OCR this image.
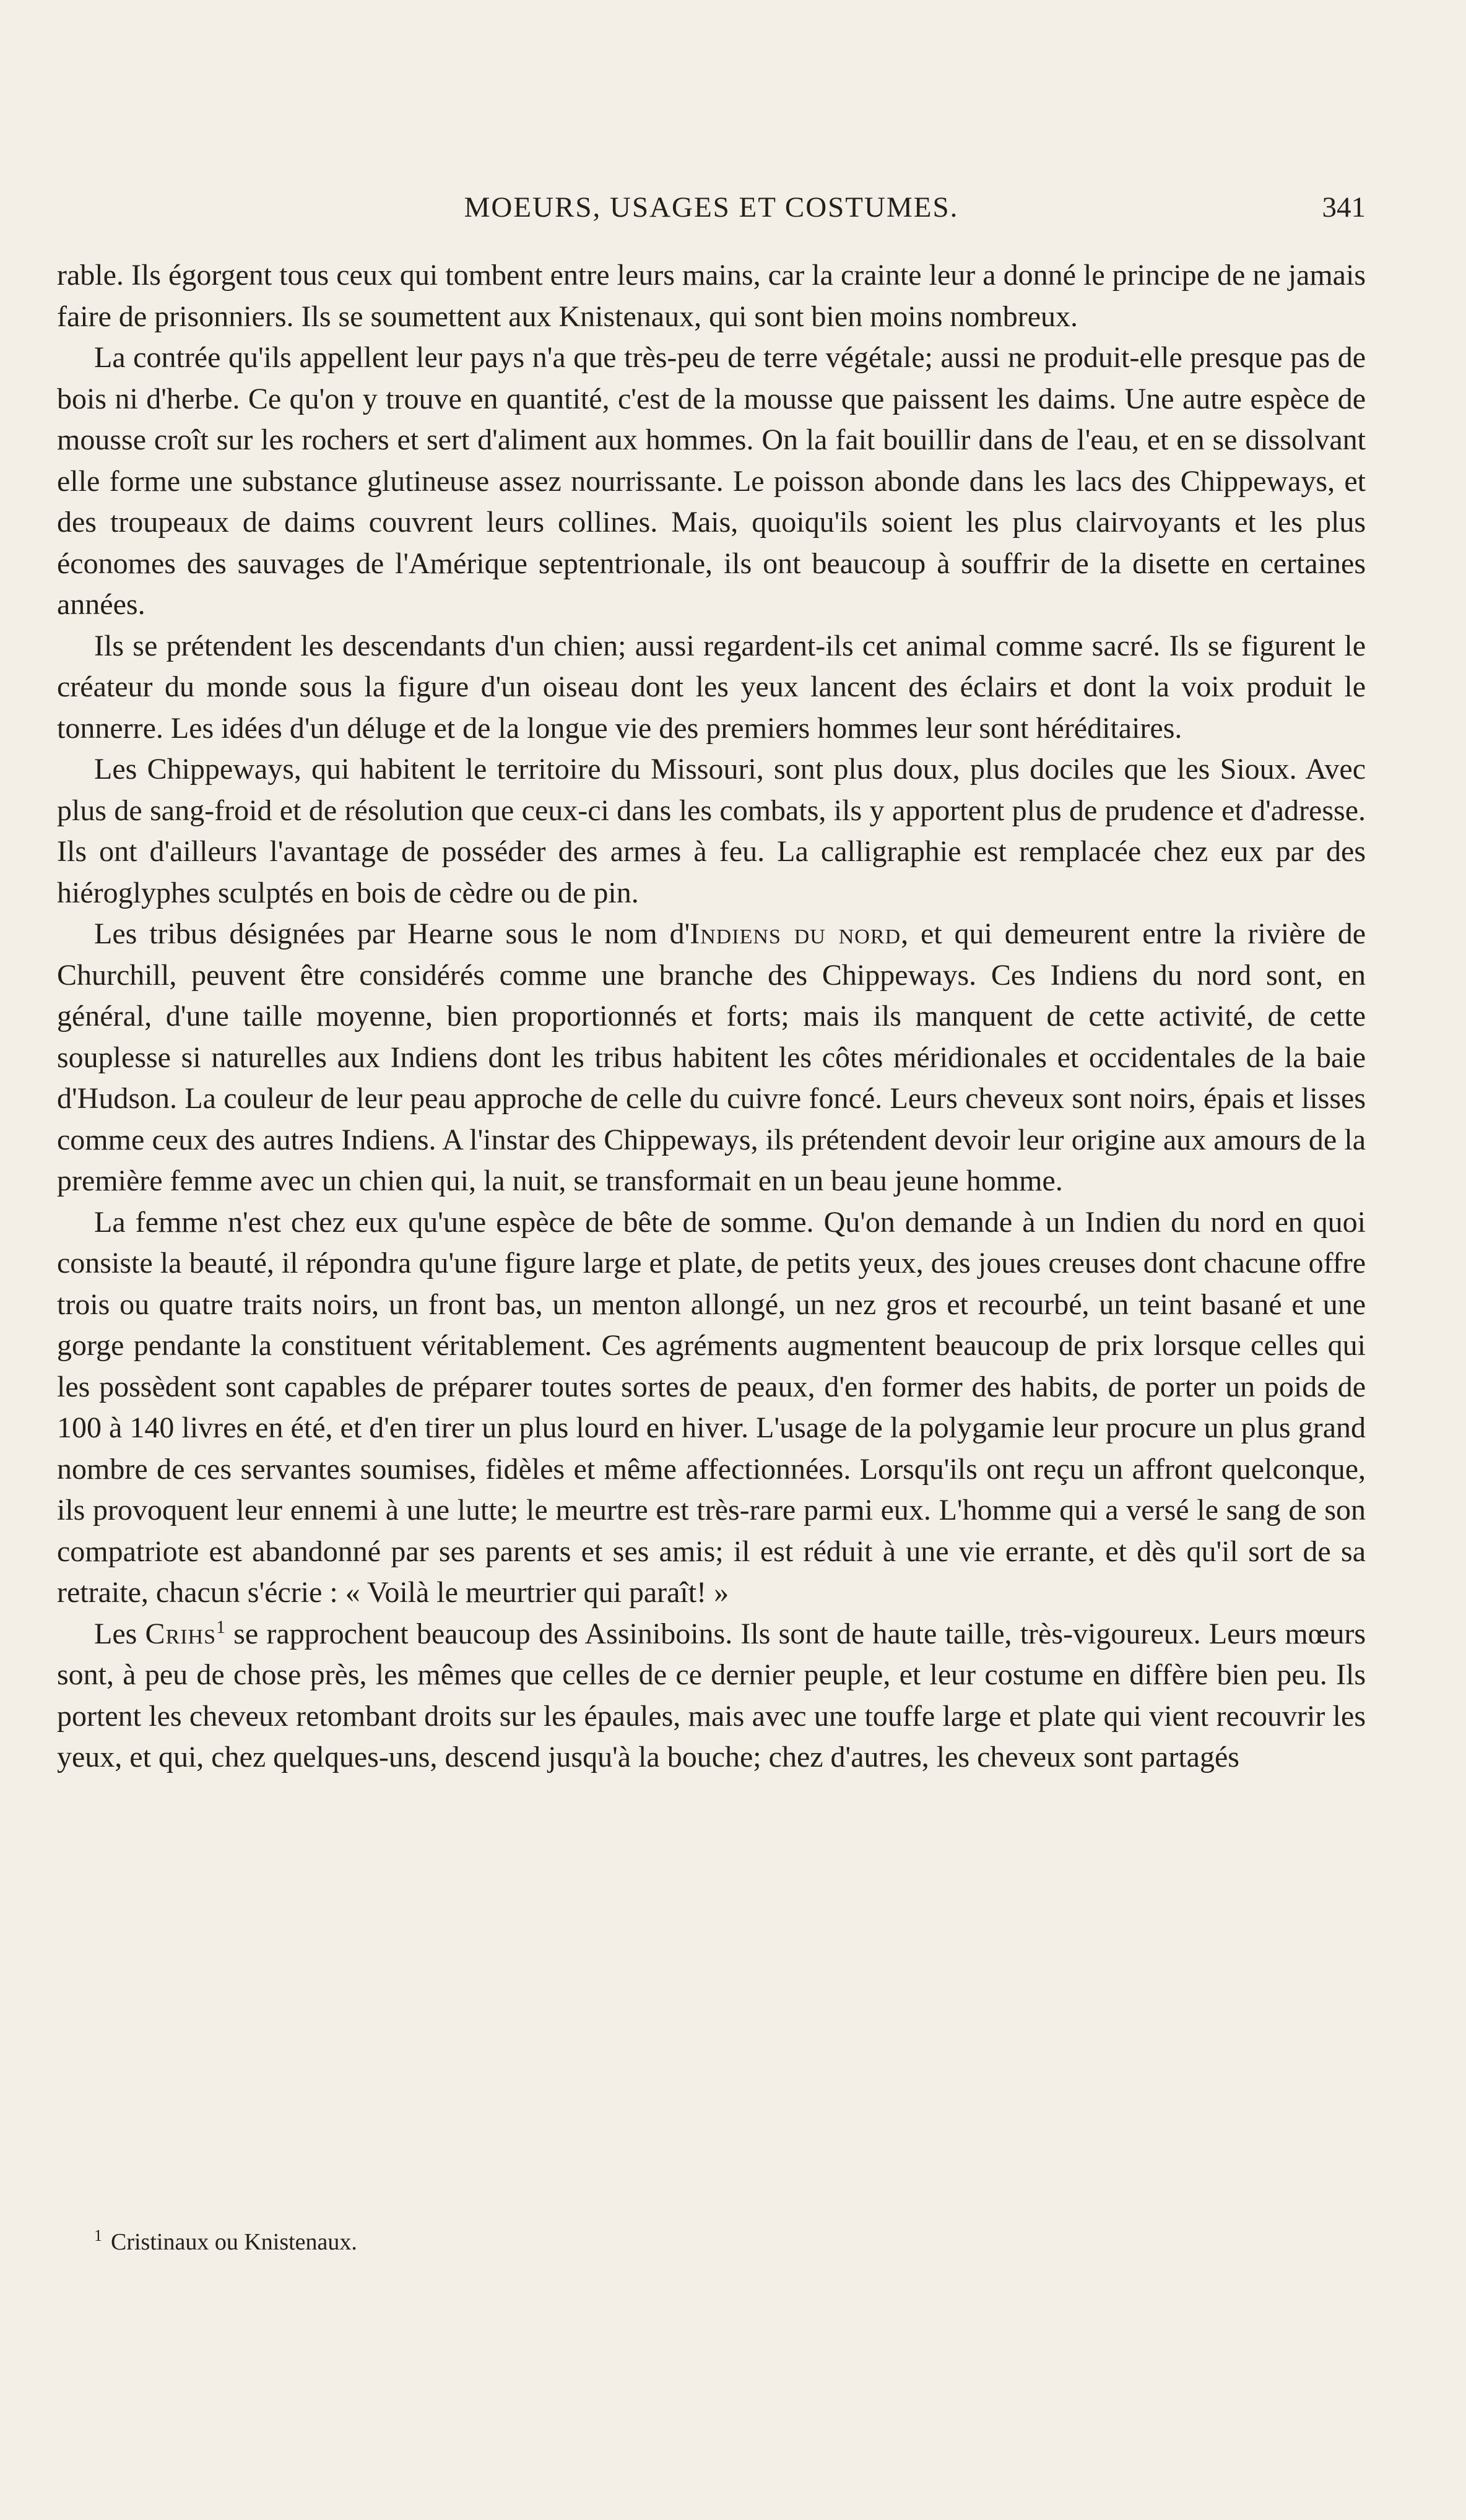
MOEURS, USAGES ET COSTUMES.	341

rable. Ils égorgent tous ceux qui tombent entre leurs mains, car la crainte leur a donné le principe de ne jamais faire de prisonniers. Ils se soumettent aux Knistenaux, qui sont bien moins nombreux.

La contrée qu'ils appellent leur pays n'a que très-peu de terre végétale; aussi ne produit-elle presque pas de bois ni d'herbe. Ce qu'on y trouve en quantité, c'est de la mousse que paissent les daims. Une autre espèce de mousse croît sur les rochers et sert d'aliment aux hommes. On la fait bouillir dans de l'eau, et en se dissolvant elle forme une substance glutineuse assez nourrissante. Le poisson abonde dans les lacs des Chippeways, et des troupeaux de daims couvrent leurs collines. Mais, quoiqu'ils soient les plus clairvoyants et les plus économes des sauvages de l'Amérique septentrionale, ils ont beaucoup à souffrir de la disette en certaines années.

Ils se prétendent les descendants d'un chien; aussi regardent-ils cet animal comme sacré. Ils se figurent le créateur du monde sous la figure d'un oiseau dont les yeux lancent des éclairs et dont la voix produit le tonnerre. Les idées d'un déluge et de la longue vie des premiers hommes leur sont héréditaires.

Les Chippeways, qui habitent le territoire du Missouri, sont plus doux, plus dociles que les Sioux. Avec plus de sang-froid et de résolution que ceux-ci dans les combats, ils y apportent plus de prudence et d'adresse. Ils ont d'ailleurs l'avantage de posséder des armes à feu. La calligraphie est remplacée chez eux par des hiéroglyphes sculptés en bois de cèdre ou de pin.

Les tribus désignées par Hearne sous le nom d'Indiens du nord, et qui demeurent entre la rivière de Churchill, peuvent être considérés comme une branche des Chippeways. Ces Indiens du nord sont, en général, d'une taille moyenne, bien proportionnés et forts; mais ils manquent de cette activité, de cette souplesse si naturelles aux Indiens dont les tribus habitent les côtes méridionales et occidentales de la baie d'Hudson. La couleur de leur peau approche de celle du cuivre foncé. Leurs cheveux sont noirs, épais et lisses comme ceux des autres Indiens. A l'instar des Chippeways, ils prétendent devoir leur origine aux amours de la première femme avec un chien qui, la nuit, se transformait en un beau jeune homme.

La femme n'est chez eux qu'une espèce de bête de somme. Qu'on demande à un Indien du nord en quoi consiste la beauté, il répondra qu'une figure large et plate, de petits yeux, des joues creuses dont chacune offre trois ou quatre traits noirs, un front bas, un menton allongé, un nez gros et recourbé, un teint basané et une gorge pendante la constituent véritablement. Ces agréments augmentent beaucoup de prix lorsque celles qui les possèdent sont capables de préparer toutes sortes de peaux, d'en former des habits, de porter un poids de 100 à 140 livres en été, et d'en tirer un plus lourd en hiver. L'usage de la polygamie leur procure un plus grand nombre de ces servantes soumises, fidèles et même affectionnées. Lorsqu'ils ont reçu un affront quelconque, ils provoquent leur ennemi à une lutte; le meurtre est très-rare parmi eux. L'homme qui a versé le sang de son compatriote est abandonné par ses parents et ses amis; il est réduit à une vie errante, et dès qu'il sort de sa retraite, chacun s'écrie : « Voilà le meurtrier qui paraît! »

Les Crihs$^1$ se rapprochent beaucoup des Assiniboins. Ils sont de haute taille, très-vigoureux. Leurs mœurs sont, à peu de chose près, les mêmes que celles de ce dernier peuple, et leur costume en diffère bien peu. Ils portent les cheveux retombant droits sur les épaules, mais avec une touffe large et plate qui vient recouvrir les yeux, et qui, chez quelques-uns, descend jusqu'à la bouche; chez d'autres, les cheveux sont partagés

$^1$ Cristinaux ou Knistenaux.
